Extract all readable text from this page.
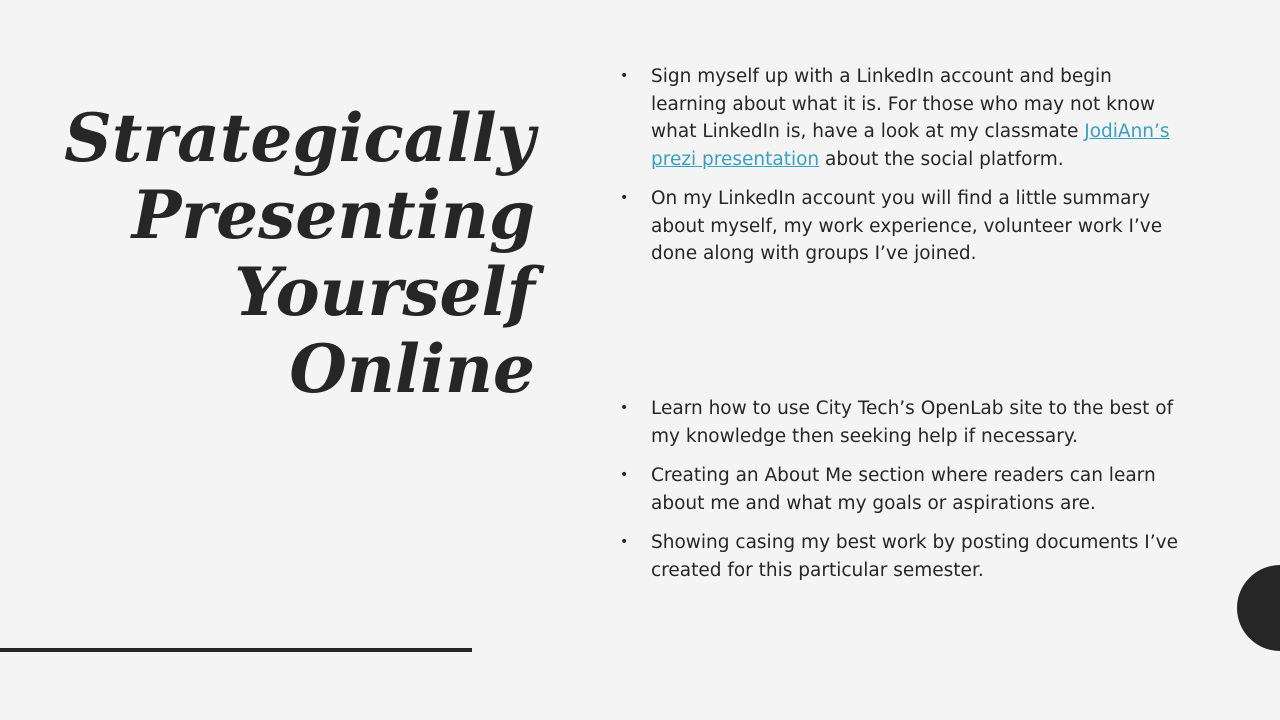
Strategically
Presenting
Yourself
Online
• Sign myself up with a LinkedIn account and begin learning about what it is. For those who may not know what LinkedIn is, have a look at my classmate JodiAnn’s prezi presentation about the social platform.
• On my LinkedIn account you will find a little summary about myself, my work experience, volunteer work I’ve done along with groups I’ve joined.
• Learn how to use City Tech’s OpenLab site to the best of my knowledge then seeking help if necessary.
• Creating an About Me section where readers can learn about me and what my goals or aspirations are.
• Showing casing my best work by posting documents I’ve created for this particular semester.
